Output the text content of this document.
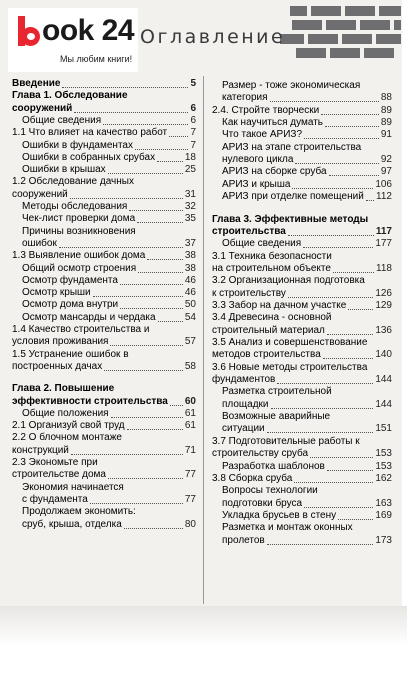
Оглавление
ook 24
Мы любим книги!
Введение	5
Глава 1. Обследование
сооружений	6
Общие сведения	6
1.1 Что влияет на качество работ 7
Ошибки в фундаментах	7
Ошибки в собранных срубах	18
Ошибки в крышах	25
1.2 Обследование дачных
сооружений	31
Методы обследования	32
Чек-лист проверки дома	35
Причины возникновения
ошибок	37
1.3 Выявление ошибок дома	38
Общий осмотр строения	38
Осмотр фундамента	46
Осмотр крыши	46
Осмотр дома внутри	50
Осмотр мансарды и чердака	54
1.4 Качество строительства и
условия проживания	57
1.5 Устранение ошибок в
построенных дачах	58
Глава 2. Повышение
эффективности строительства 60
Общие положения	61
2.1 Организуй свой труд	61
2.2 О блочном монтаже
конструкций	71
2.3 Экономьте при
строительстве дома	77
Экономия начинается
с фундамента	77
Продолжаем экономить:
сруб, крыша, отделка	80
Размер - тоже экономическая
категория	88
2.4. Стройте творчески	89
Как научиться думать	89
Что такое АРИЗ?	91
АРИЗ на этапе строительства
нулевого цикла	92
АРИЗ на сборке сруба	97
АРИЗ и крыша	106
АРИЗ при отделке помещений 112
Глава 3. Эффективные методы
строительства	117
Общие сведения	177
3.1 Техника безопасности
на строительном объекте	118
3.2 Организационная подготовка
к строительству	126
3.3 Забор на дачном участке	129
3.4 Древесина - основной
строительный материал	136
3.5 Анализ и совершенствование
методов строительства	140
3.6 Новые методы строительства
фундаментов	144
Разметка строительной
площадки	144
Возможные аварийные
ситуации	151
3.7 Подготовительные работы к
строительству сруба	153
Разработка шаблонов	153
3.8 Сборка сруба	162
Вопросы технологии
подготовки бруса	163
Укладка брусьев в стену	169
Разметка и монтаж оконных
пролетов	173
